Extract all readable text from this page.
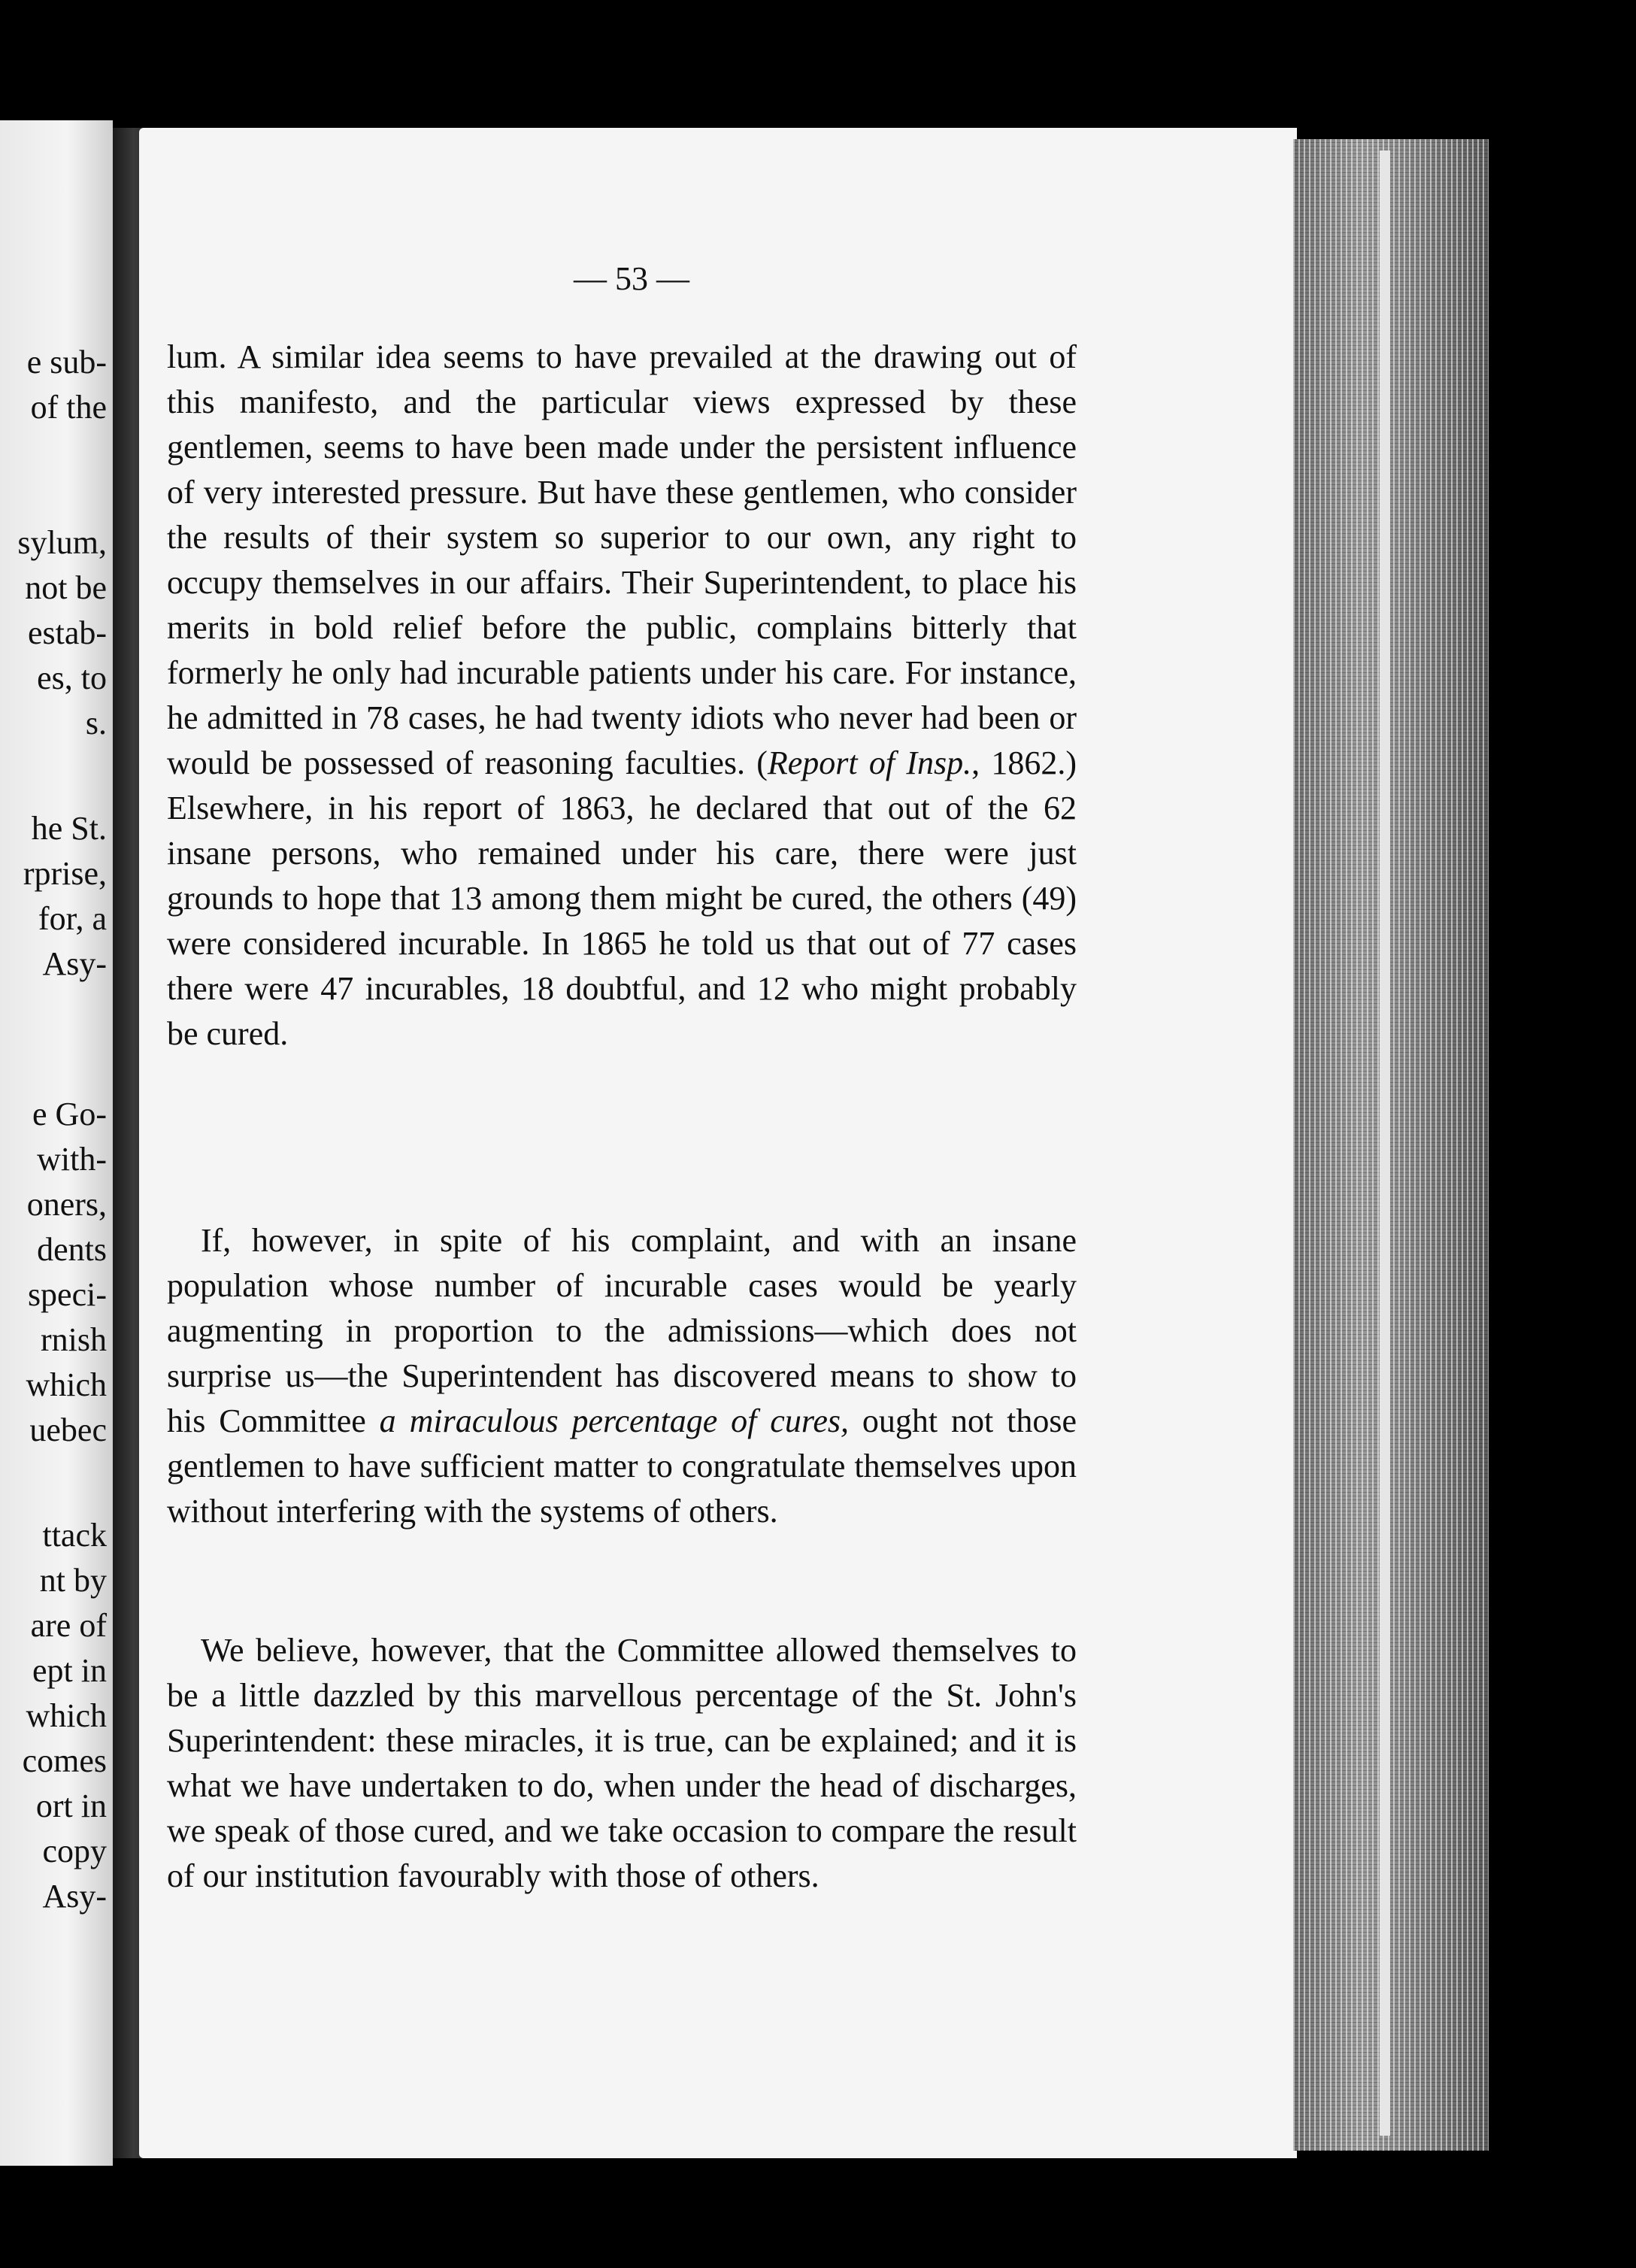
e sub-
of the
sylum,
not be
estab-
es, to
s.
he St.
rprise,
for, a
Asy-
e Go-
with-
oners,
dents
speci-
rnish
which
uebec
ttack
nt by
are of
ept in
which
comes
ort in
copy
Asy-
— 53 —

lum. A similar idea seems to have prevailed at the drawing out of this manifesto, and the particular views expressed by these gentlemen, seems to have been made under the persistent influence of very interested pressure. But have these gentlemen, who consider the results of their system so superior to our own, any right to occupy themselves in our affairs. Their Superintendent, to place his merits in bold relief before the public, complains bitterly that formerly he only had incurable patients under his care. For instance, he admitted in 78 cases, he had twenty idiots who never had been or would be possessed of reasoning faculties. (Report of Insp., 1862.) Elsewhere, in his report of 1863, he declared that out of the 62 insane persons, who remained under his care, there were just grounds to hope that 13 among them might be cured, the others (49) were considered incurable. In 1865 he told us that out of 77 cases there were 47 incurables, 18 doubtful, and 12 who might probably be cured.

If, however, in spite of his complaint, and with an insane population whose number of incurable cases would be yearly augmenting in proportion to the admissions—which does not surprise us—the Superintendent has discovered means to show to his Committee a miraculous percentage of cures, ought not those gentlemen to have sufficient matter to congratulate themselves upon without interfering with the systems of others.

We believe, however, that the Committee allowed themselves to be a little dazzled by this marvellous percentage of the St. John's Superintendent: these miracles, it is true, can be explained; and it is what we have undertaken to do, when under the head of discharges, we speak of those cured, and we take occasion to compare the result of our institution favourably with those of others.
